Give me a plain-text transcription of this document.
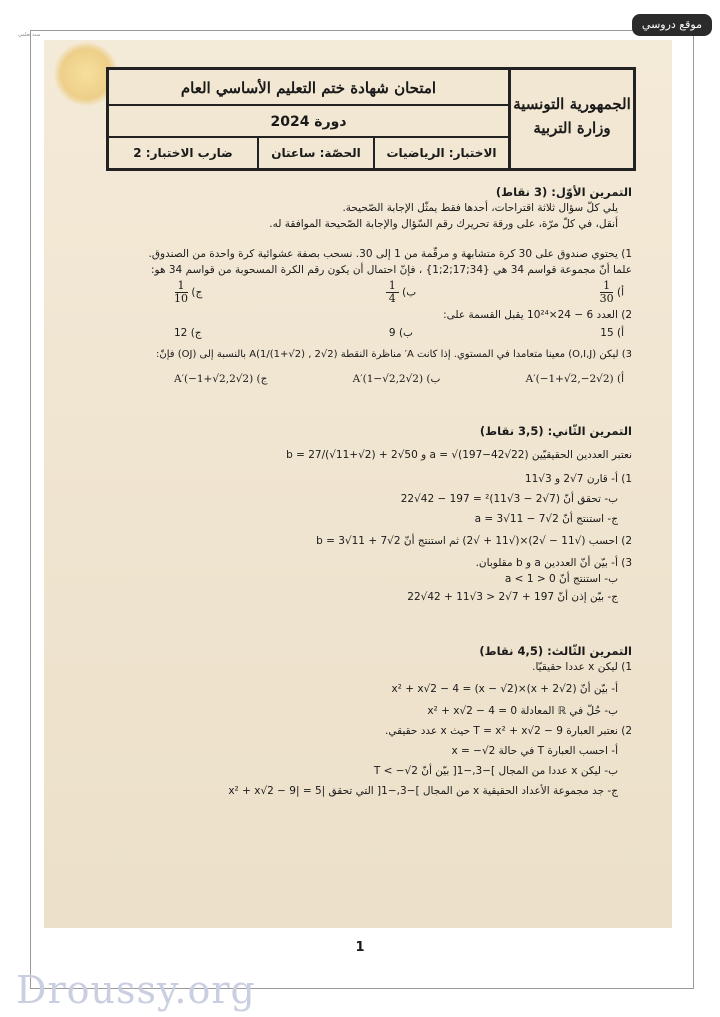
سنة تعلمي
موقع دروسي
الجمهورية التونسية
وزارة التربية
امتحان شهادة ختم التعليم الأساسي العام
دورة 2024
الاختبار: الرياضيات
الحصّة: ساعتان
ضارب الاختبار: 2
التمرين الأوّل: (3 نقاط)
يلي كلّ سؤال ثلاثة اقتراحات، أحدها فقط يمثّل الإجابة الصّحيحة.
أنقل، في كلّ مرّة، على ورقة تحريرك رقم السّؤال والإجابة الصّحيحة الموافقة له.
1) يحتوي صندوق على 30 كرة متشابهة و مرقّمة من 1 إلى 30. نسحب بصفة عشوائية كرة واحدة من الصندوق.
علما أنّ مجموعة قواسم 34 هي {34;17;2;1} ، فإنّ احتمال أن يكون رقم الكرة المسحوبة من قواسم 34 هو:
أ)
$\frac{1}{30}$
ب)
$\frac{1}{4}$
ج)
$\frac{1}{10}$
2) العدد 6 − 24×10²⁴ يقبل القسمة على:
أ) 15
ب) 9
ج) 12
3) ليكن (O,I,J) معينا متعامدا في المستوي. إذا كانت A′ مناظرة النقطة A(1/(1+√2) , 2√2) بالنسبة إلى (OJ) فإنّ:
أ) A′(−1+√2,−2√2)
ب) A′(1−√2,2√2)
ج) A′(−1+√2,2√2)
التمرين الثّاني: (3,5 نقاط)
نعتبر العددين الحقيقيّين a = √(197−42√22) و b = 27/(√11+√2) + 2√50
1) أ- قارن 7√2 و 3√11
ب- تحقق أنّ (7√2 − 3√11)² = 197 − 42√22
ج- استنتج أنّ a = 3√11 − 7√2
2) احسب (√11 − √2)×(√11 + √2) ثم استنتج أنّ b = 3√11 + 7√2
3) أ- بيّن أنّ العددين a و b مقلوبان.
ب- استنتج أنّ 0 < a < 1
ج- بيّن إذن أنّ 197 + 7√2 < 3√11 + 42√22
التمرين الثّالث: (4,5 نقاط)
1) ليكن x عددا حقيقيّا.
أ- بيّن أنّ x² + x√2 − 4 = (x − √2)×(x + 2√2)
ب- حُلّ في ℝ المعادلة x² + x√2 − 4 = 0
2) نعتبر العبارة T = x² + x√2 − 9 حيث x عدد حقيقي.
أ- احسب العبارة T في حالة x = −√2
ب- ليكن x عددا من المجال ]−3,−1[ بيّن أنّ T < −√2
ج- جد مجموعة الأعداد الحقيقية x من المجال ]−3,−1[ التي تحقق |x² + x√2 − 9| = 5
1
Droussy.org
